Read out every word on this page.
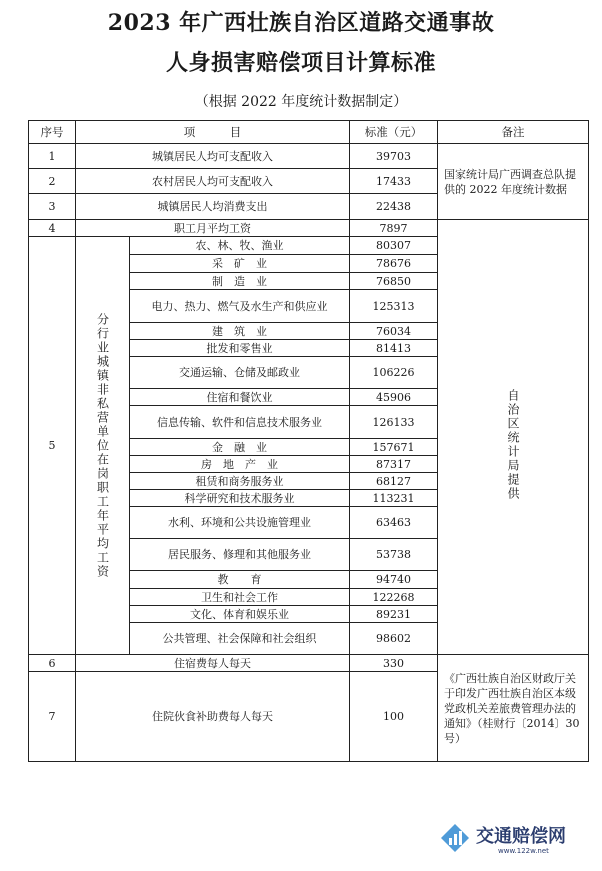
2023 年广西壮族自治区道路交通事故
人身损害赔偿项目计算标准
（根据 2022 年度统计数据制定）
序号	项　　　目		标准（元）	备注
1	城镇居民人均可支配收入		39703	国家统计局广西调查总队提供的 2022 年度统计数据
2	农村居民人均可支配收入		17433	
3	城镇居民人均消费支出		22438	
4	职工月平均工资		7897	
5	分行业城镇非私营单位在岗职工年平均工资	农、林、牧、渔业	80307	自治区统计局提供

		采　矿　业	78676	
		制　造　业	76850	
		电力、热力、燃气及水生产和供应业	125313	
		建　筑　业	76034	
		批发和零售业	81413	
		交通运输、仓储及邮政业	106226	
		住宿和餐饮业	45906	
		信息传输、软件和信息技术服务业	126133	
		金　融　业	157671	
		房　地　产　业	87317	
		租赁和商务服务业	68127	
		科学研究和技术服务业	113231	
		水利、环境和公共设施管理业	63463	
		居民服务、修理和其他服务业	53738	
		教　　育	94740	
		卫生和社会工作	122268	
		文化、体育和娱乐业	89231	
		公共管理、社会保障和社会组织	98602	
6	住宿费每人每天		330	《广西壮族自治区财政厅关于印发广西壮族自治区本级党政机关差旅费管理办法的通知》（桂财行〔2014〕30 号）
7	住院伙食补助费每人每天		100	
交通赔偿网
www.122w.net
